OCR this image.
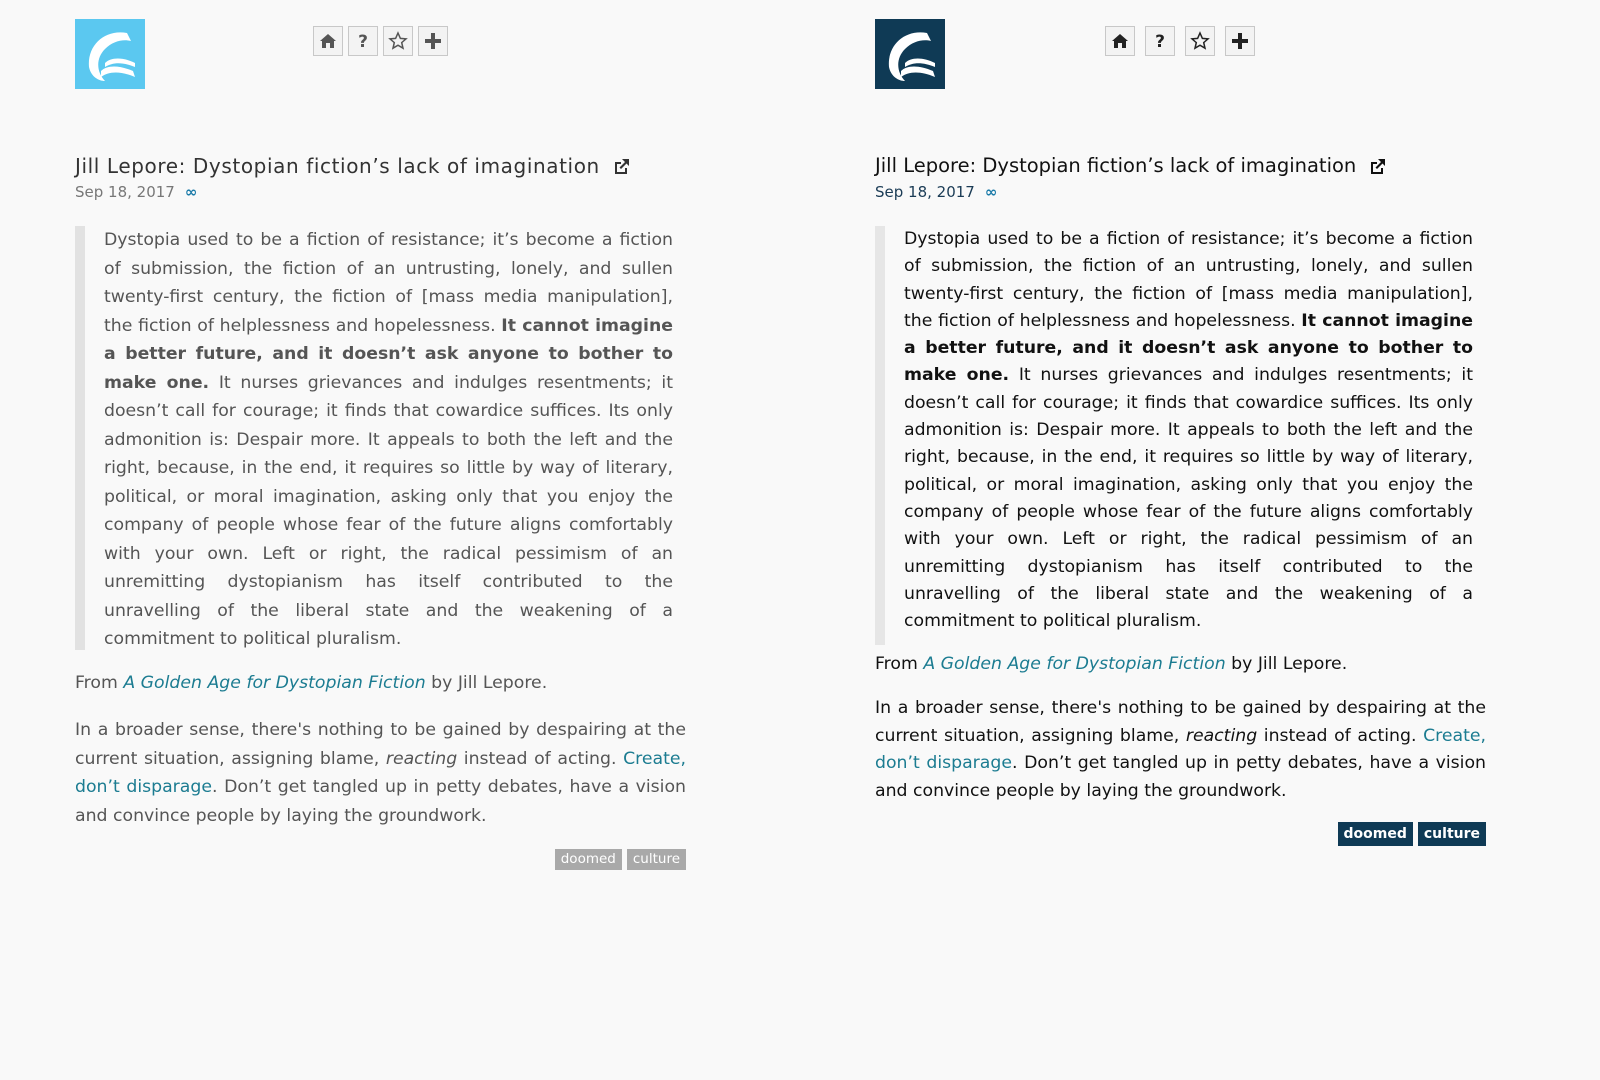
?
Jill Lepore: Dystopian fiction’s lack of imagination
Sep 18, 2017 ∞

Dystopia used to be a fiction of resistance; it’s become a fiction of submission, the fiction of an untrusting, lonely, and sullen twenty-first century, the fiction of [mass media manipulation], the fiction of helplessness and hopelessness. It cannot imagine a better future, and it doesn’t ask anyone to bother to make one. It nurses grievances and indulges resentments; it doesn’t call for courage; it finds that cowardice suffices. Its only admonition is: Despair more. It appeals to both the left and the right, because, in the end, it requires so little by way of literary, political, or moral imagination, asking only that you enjoy the company of people whose fear of the future aligns comfortably with your own. Left or right, the radical pessimism of an unremitting dystopianism has itself contributed to the unravelling of the liberal state and the weakening of a commitment to political pluralism.

From A Golden Age for Dystopian Fiction by Jill Lepore.

In a broader sense, there's nothing to be gained by despairing at the current situation, assigning blame, reacting instead of acting. Create, don’t disparage. Don’t get tangled up in petty debates, have a vision and convince people by laying the groundwork.

doomed	culture
?
Jill Lepore: Dystopian fiction’s lack of imagination
Sep 18, 2017 ∞

Dystopia used to be a fiction of resistance; it’s become a fiction of submission, the fiction of an untrusting, lonely, and sullen twenty-first century, the fiction of [mass media manipulation], the fiction of helplessness and hopelessness. It cannot imagine a better future, and it doesn’t ask anyone to bother to make one. It nurses grievances and indulges resentments; it doesn’t call for courage; it finds that cowardice suffices. Its only admonition is: Despair more. It appeals to both the left and the right, because, in the end, it requires so little by way of literary, political, or moral imagination, asking only that you enjoy the company of people whose fear of the future aligns comfortably with your own. Left or right, the radical pessimism of an unremitting dystopianism has itself contributed to the unravelling of the liberal state and the weakening of a commitment to political pluralism.

From A Golden Age for Dystopian Fiction by Jill Lepore.

In a broader sense, there's nothing to be gained by despairing at the current situation, assigning blame, reacting instead of acting. Create, don’t disparage. Don’t get tangled up in petty debates, have a vision and convince people by laying the groundwork.

doomed	culture
